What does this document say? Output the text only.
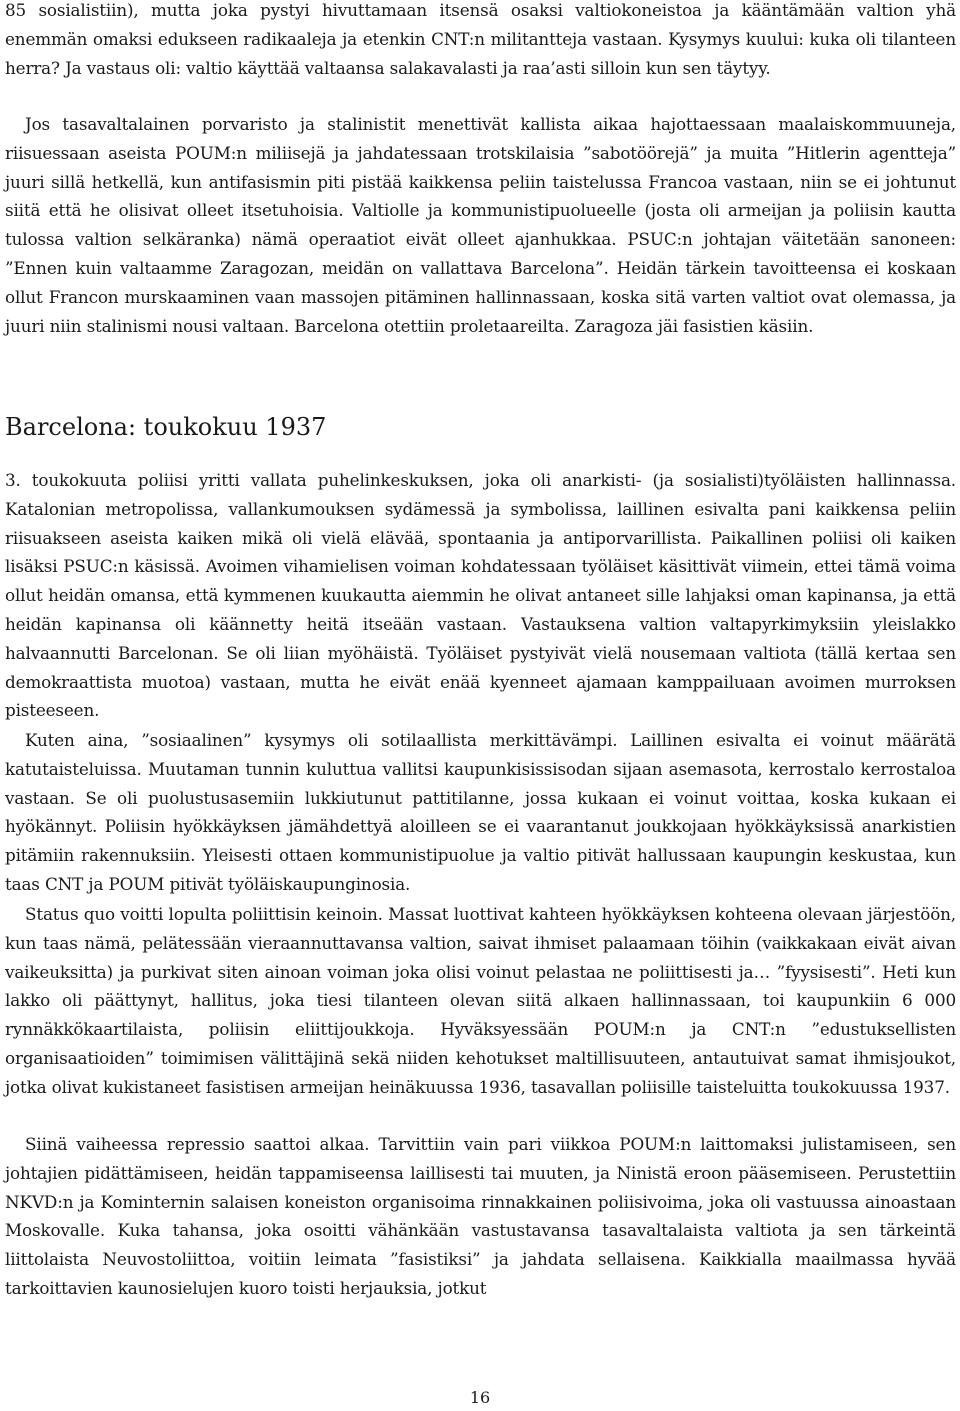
85 sosialistiin), mutta joka pystyi hivuttamaan itsensä osaksi valtiokoneistoa ja kääntämään valtion yhä enemmän omaksi edukseen radikaaleja ja etenkin CNT:n militantteja vastaan. Kysymys kuului: kuka oli tilanteen herra? Ja vastaus oli: valtio käyttää valtaansa salakavalasti ja raa’asti silloin kun sen täytyy.

Jos tasavaltalainen porvaristo ja stalinistit menettivät kallista aikaa hajottaessaan maalaiskommuuneja, riisuessaan aseista POUM:n miliisejä ja jahdatessaan trotskilaisia ”sabotöörejä” ja muita ”Hitlerin agentteja” juuri sillä hetkellä, kun antifasismin piti pistää kaikkensa peliin taistelussa Francoa vastaan, niin se ei johtunut siitä että he olisivat olleet itsetuhoisia. Valtiolle ja kommunistipuolueelle (josta oli armeijan ja poliisin kautta tulossa valtion selkäranka) nämä operaatiot eivät olleet ajanhukkaa. PSUC:n johtajan väitetään sanoneen: ”Ennen kuin valtaamme Zaragozan, meidän on vallattava Barcelona”. Heidän tärkein tavoitteensa ei koskaan ollut Francon murskaaminen vaan massojen pitäminen hallinnassaan, koska sitä varten valtiot ovat olemassa, ja juuri niin stalinismi nousi valtaan. Barcelona otettiin proletaareilta. Zaragoza jäi fasistien käsiin.

Barcelona: toukokuu 1937

3. toukokuuta poliisi yritti vallata puhelinkeskuksen, joka oli anarkisti- (ja sosialisti)työläisten hallinnassa. Katalonian metropolissa, vallankumouksen sydämessä ja symbolissa, laillinen esivalta pani kaikkensa peliin riisuakseen aseista kaiken mikä oli vielä elävää, spontaania ja antiporvarillista. Paikallinen poliisi oli kaiken lisäksi PSUC:n käsissä. Avoimen vihamielisen voiman kohdatessaan työläiset käsittivät viimein, ettei tämä voima ollut heidän omansa, että kymmenen kuukautta aiemmin he olivat antaneet sille lahjaksi oman kapinansa, ja että heidän kapinansa oli käännetty heitä itseään vastaan. Vastauksena valtion valtapyrkimyksiin yleislakko halvaannutti Barcelonan. Se oli liian myöhäistä. Työläiset pystyivät vielä nousemaan valtiota (tällä kertaa sen demokraattista muotoa) vastaan, mutta he eivät enää kyenneet ajamaan kamppailuaan avoimen murroksen pisteeseen.

Kuten aina, ”sosiaalinen” kysymys oli sotilaallista merkittävämpi. Laillinen esivalta ei voinut määrätä katutaisteluissa. Muutaman tunnin kuluttua vallitsi kaupunkisissisodan sijaan asemasota, kerrostalo kerrostaloa vastaan. Se oli puolustusasemiin lukkiutunut pattitilanne, jossa kukaan ei voinut voittaa, koska kukaan ei hyökännyt. Poliisin hyökkäyksen jämähdettyä aloilleen se ei vaarantanut joukkojaan hyökkäyksissä anarkistien pitämiin rakennuksiin. Yleisesti ottaen kommunistipuolue ja valtio pitivät hallussaan kaupungin keskustaa, kun taas CNT ja POUM pitivät työläiskaupunginosia.

Status quo voitti lopulta poliittisin keinoin. Massat luottivat kahteen hyökkäyksen kohteena olevaan järjestöön, kun taas nämä, pelätessään vieraannuttavansa valtion, saivat ihmiset palaamaan töihin (vaikkakaan eivät aivan vaikeuksitta) ja purkivat siten ainoan voiman joka olisi voinut pelastaa ne poliittisesti ja… ”fyysisesti”. Heti kun lakko oli päättynyt, hallitus, joka tiesi tilanteen olevan siitä alkaen hallinnassaan, toi kaupunkiin 6 000 rynnäkkökaartilaista, poliisin eliittijoukkoja. Hyväksyessään POUM:n ja CNT:n ”edustuksellisten organisaatioiden” toimimisen välittäjinä sekä niiden kehotukset maltillisuuteen, antautuivat samat ihmisjoukot, jotka olivat kukistaneet fasistisen armeijan heinäkuussa 1936, tasavallan poliisille taisteluitta toukokuussa 1937.

Siinä vaiheessa repressio saattoi alkaa. Tarvittiin vain pari viikkoa POUM:n laittomaksi julistamiseen, sen johtajien pidättämiseen, heidän tappamiseensa laillisesti tai muuten, ja Ninistä eroon pääsemiseen. Perustettiin NKVD:n ja Kominternin salaisen koneiston organisoima rinnakkainen poliisivoima, joka oli vastuussa ainoastaan Moskovalle. Kuka tahansa, joka osoitti vähänkään vastustavansa tasavaltalaista valtiota ja sen tärkeintä liittolaista Neuvostoliittoa, voitiin leimata ”fasistiksi” ja jahdata sellaisena. Kaikkialla maailmassa hyvää tarkoittavien kaunosielujen kuoro toisti herjauksia, jotkut

16
